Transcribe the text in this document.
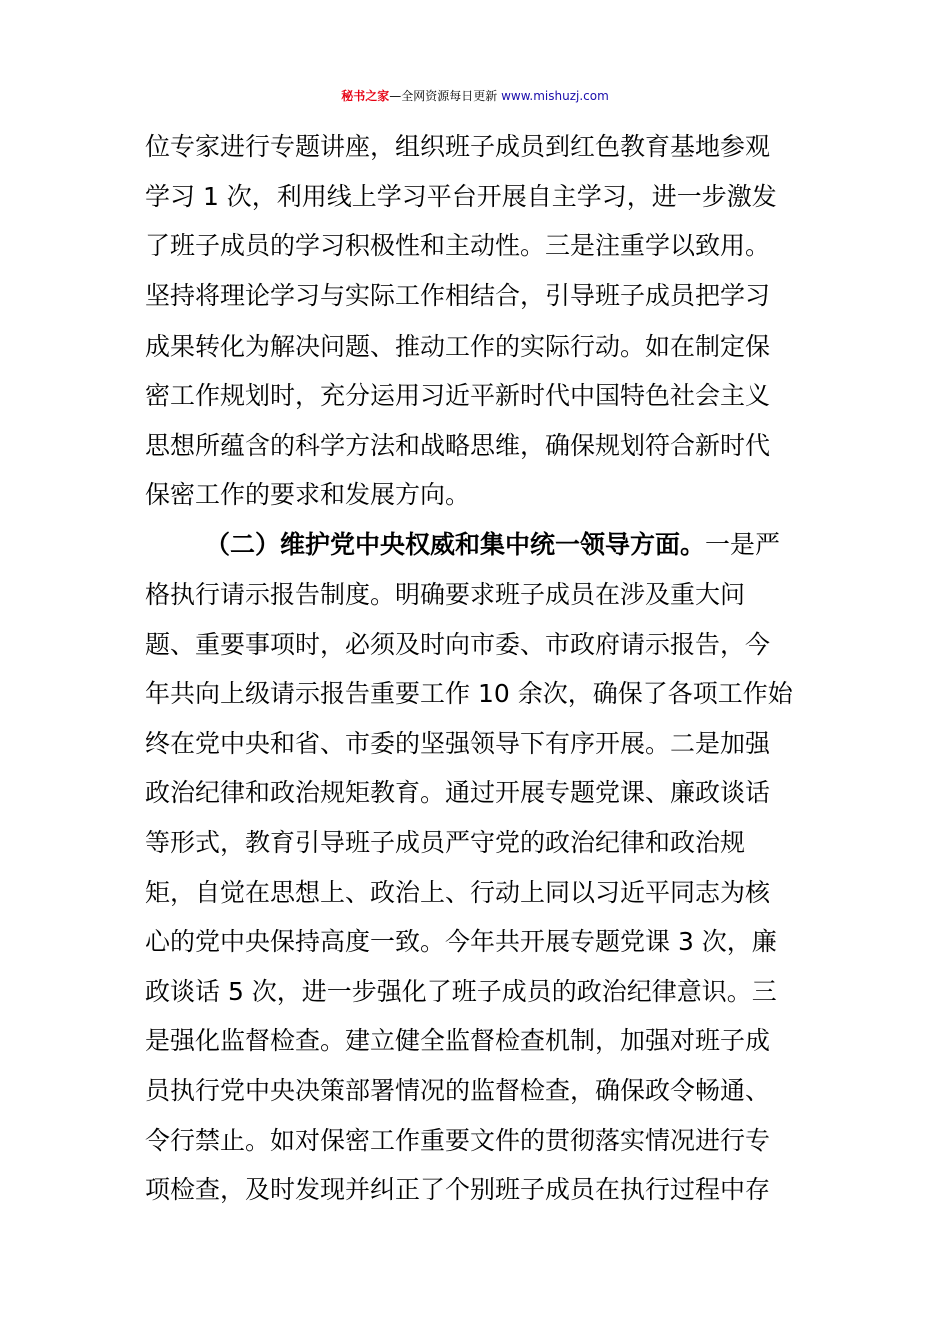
秘书之家—全网资源每日更新 www.mishuzj.com
位专家进行专题讲座，组织班子成员到红色教育基地参观
学习 1 次，利用线上学习平台开展自主学习，进一步激发
了班子成员的学习积极性和主动性。三是注重学以致用。
坚持将理论学习与实际工作相结合，引导班子成员把学习
成果转化为解决问题、推动工作的实际行动。如在制定保
密工作规划时，充分运用习近平新时代中国特色社会主义
思想所蕴含的科学方法和战略思维，确保规划符合新时代
保密工作的要求和发展方向。
（二）维护党中央权威和集中统一领导方面。一是严
格执行请示报告制度。明确要求班子成员在涉及重大问
题、重要事项时，必须及时向市委、市政府请示报告，今
年共向上级请示报告重要工作 10 余次，确保了各项工作始
终在党中央和省、市委的坚强领导下有序开展。二是加强
政治纪律和政治规矩教育。通过开展专题党课、廉政谈话
等形式，教育引导班子成员严守党的政治纪律和政治规
矩，自觉在思想上、政治上、行动上同以习近平同志为核
心的党中央保持高度一致。今年共开展专题党课 3 次，廉
政谈话 5 次，进一步强化了班子成员的政治纪律意识。三
是强化监督检查。建立健全监督检查机制，加强对班子成
员执行党中央决策部署情况的监督检查，确保政令畅通、
令行禁止。如对保密工作重要文件的贯彻落实情况进行专
项检查，及时发现并纠正了个别班子成员在执行过程中存
